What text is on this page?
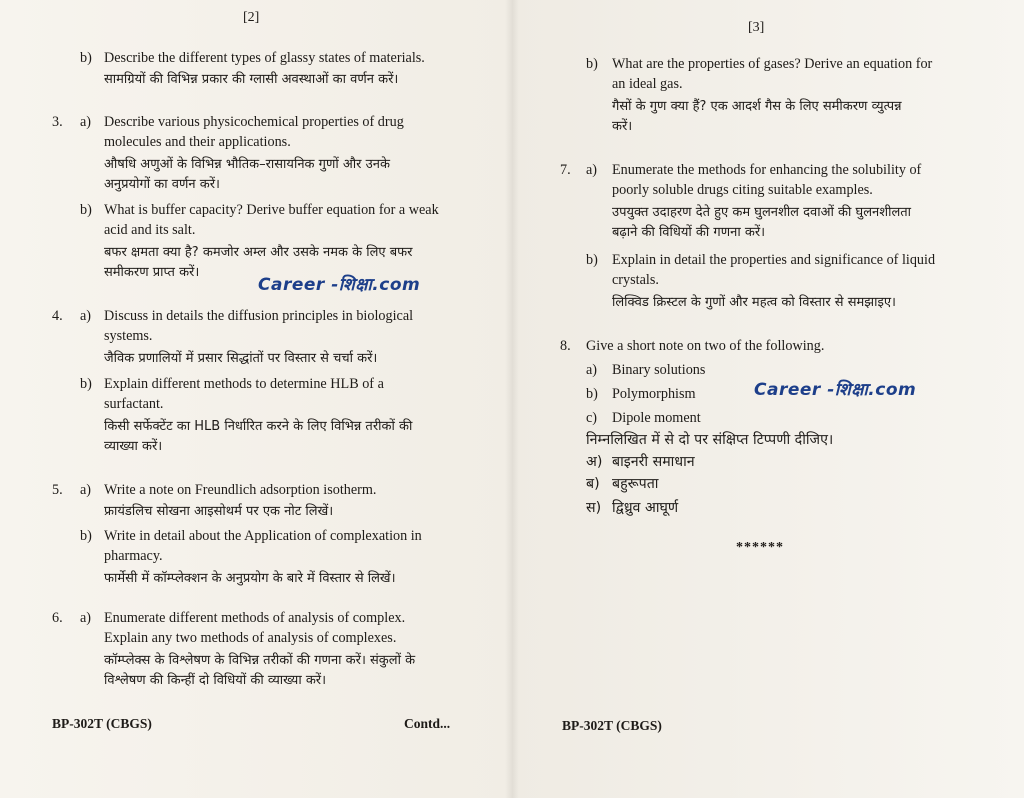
[2]
b) Describe the different types of glassy states of materials.
सामग्रियों की विभिन्न प्रकार की ग्लासी अवस्थाओं का वर्णन करें।
3.	a) Describe various physicochemical properties of drug
molecules and their applications.
औषधि अणुओं के विभिन्न भौतिक–रासायनिक गुणों और उनके
अनुप्रयोगों का वर्णन करें।
b) What is buffer capacity? Derive buffer equation for a weak
acid and its salt.
बफर क्षमता क्या है? कमजोर अम्ल और उसके नमक के लिए बफर
समीकरण प्राप्त करें।
Career -शिक्षा.com
4.	a) Discuss in details the diffusion principles in biological
systems.
जैविक प्रणालियों में प्रसार सिद्धांतों पर विस्तार से चर्चा करें।
b) Explain different methods to determine HLB of a
surfactant.
किसी सर्फेक्टेंट का HLB निर्धारित करने के लिए विभिन्न तरीकों की
व्याख्या करें।
5.	a) Write a note on Freundlich adsorption isotherm.
फ्रायंडलिच सोखना आइसोथर्म पर एक नोट लिखें।
b) Write in detail about the Application of complexation in
pharmacy.
फार्मेसी में कॉम्प्लेक्शन के अनुप्रयोग के बारे में विस्तार से लिखें।
6.	a) Enumerate different methods of analysis of complex.
Explain any two methods of analysis of complexes.
कॉम्प्लेक्स के विश्लेषण के विभिन्न तरीकों की गणना करें। संकुलों के
विश्लेषण की किन्हीं दो विधियों की व्याख्या करें।
BP-302T (CBGS)	Contd...
[3]
b) What are the properties of gases? Derive an equation for
an ideal gas.
गैसों के गुण क्या हैं? एक आदर्श गैस के लिए समीकरण व्युत्पन्न
करें।
7.	a)	Enumerate the methods for enhancing the solubility of
poorly soluble drugs citing suitable examples.
उपयुक्त उदाहरण देते हुए कम घुलनशील दवाओं की घुलनशीलता
बढ़ाने की विधियों की गणना करें।
b) Explain in detail the properties and significance of liquid
crystals.
लिक्विड क्रिस्टल के गुणों और महत्व को विस्तार से समझाइए।
8.	Give a short note on two of the following.
a) Binary solutions
b) Polymorphism
c) Dipole moment
Career -शिक्षा.com
निम्नलिखित में से दो पर संक्षिप्त टिप्पणी दीजिए।
अ) बाइनरी समाधान
ब) बहुरूपता
स) द्विध्रुव आघूर्ण
******
BP-302T (CBGS)
